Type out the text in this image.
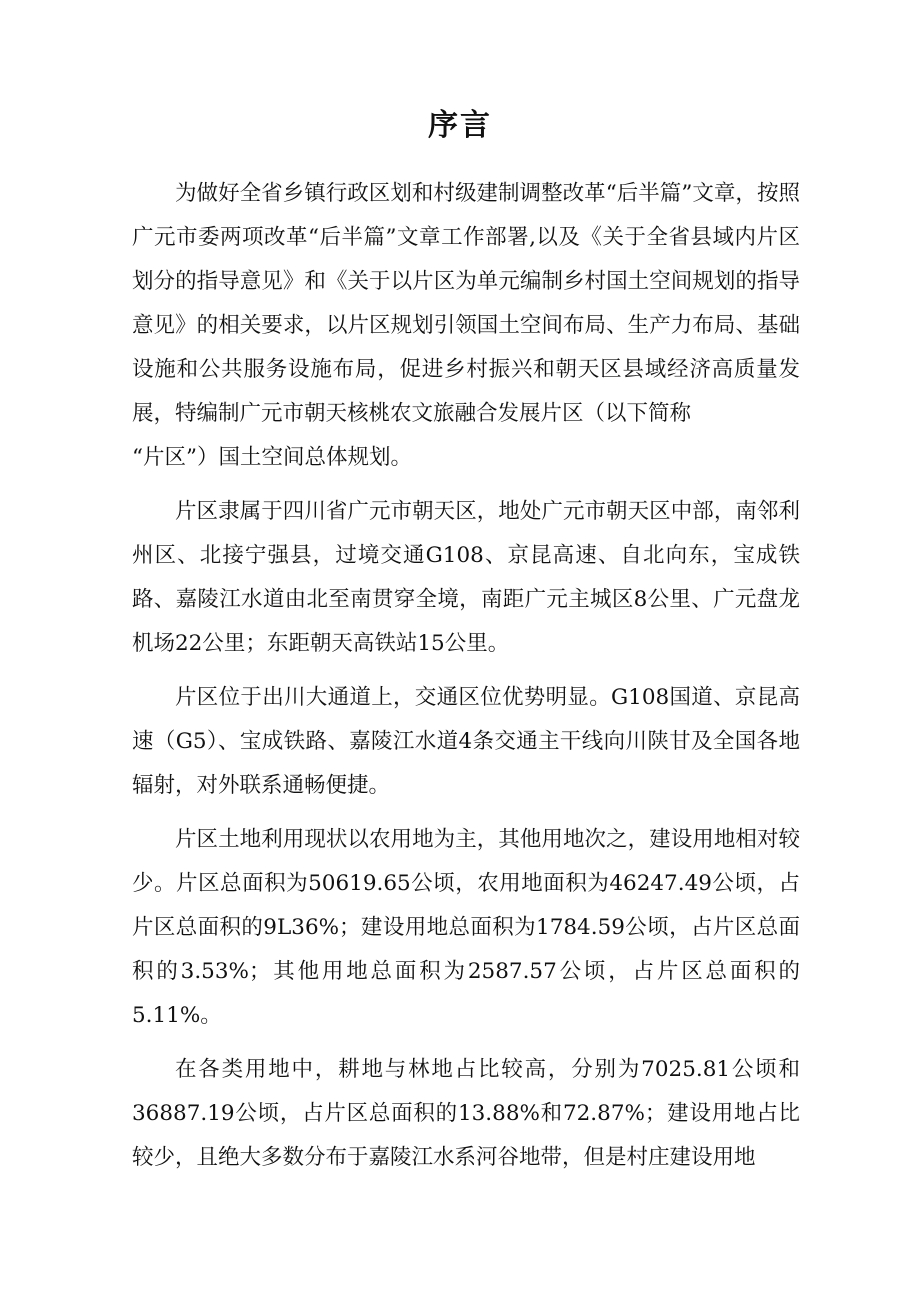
序言

为做好全省乡镇行政区划和村级建制调整改革“后半篇”文章，按照广元市委两项改革“后半篇”文章工作部署,以及《关于全省县域内片区划分的指导意见》和《关于以片区为单元编制乡村国土空间规划的指导意见》的相关要求，以片区规划引领国土空间布局、生产力布局、基础设施和公共服务设施布局，促进乡村振兴和朝天区县域经济高质量发展，特编制广元市朝天核桃农文旅融合发展片区（以下简称

“片区”）国土空间总体规划。

片区隶属于四川省广元市朝天区，地处广元市朝天区中部，南邻利州区、北接宁强县，过境交通G108、京昆高速、自北向东，宝成铁路、嘉陵江水道由北至南贯穿全境，南距广元主城区8公里、广元盘龙机场22公里；东距朝天高铁站15公里。

片区位于出川大通道上，交通区位优势明显。G108国道、京昆高速（G5）、宝成铁路、嘉陵江水道4条交通主干线向川陕甘及全国各地辐射，对外联系通畅便捷。

片区土地利用现状以农用地为主，其他用地次之，建设用地相对较少。片区总面积为50619.65公顷，农用地面积为46247.49公顷，占片区总面积的9L36%；建设用地总面积为1784.59公顷，占片区总面积的3.53%；其他用地总面积为2587.57公顷，占片区总面积的5.11%。

在各类用地中，耕地与林地占比较高，分别为7025.81公顷和36887.19公顷，占片区总面积的13.88%和72.87%；建设用地占比较少，且绝大多数分布于嘉陵江水系河谷地带，但是村庄建设用地
